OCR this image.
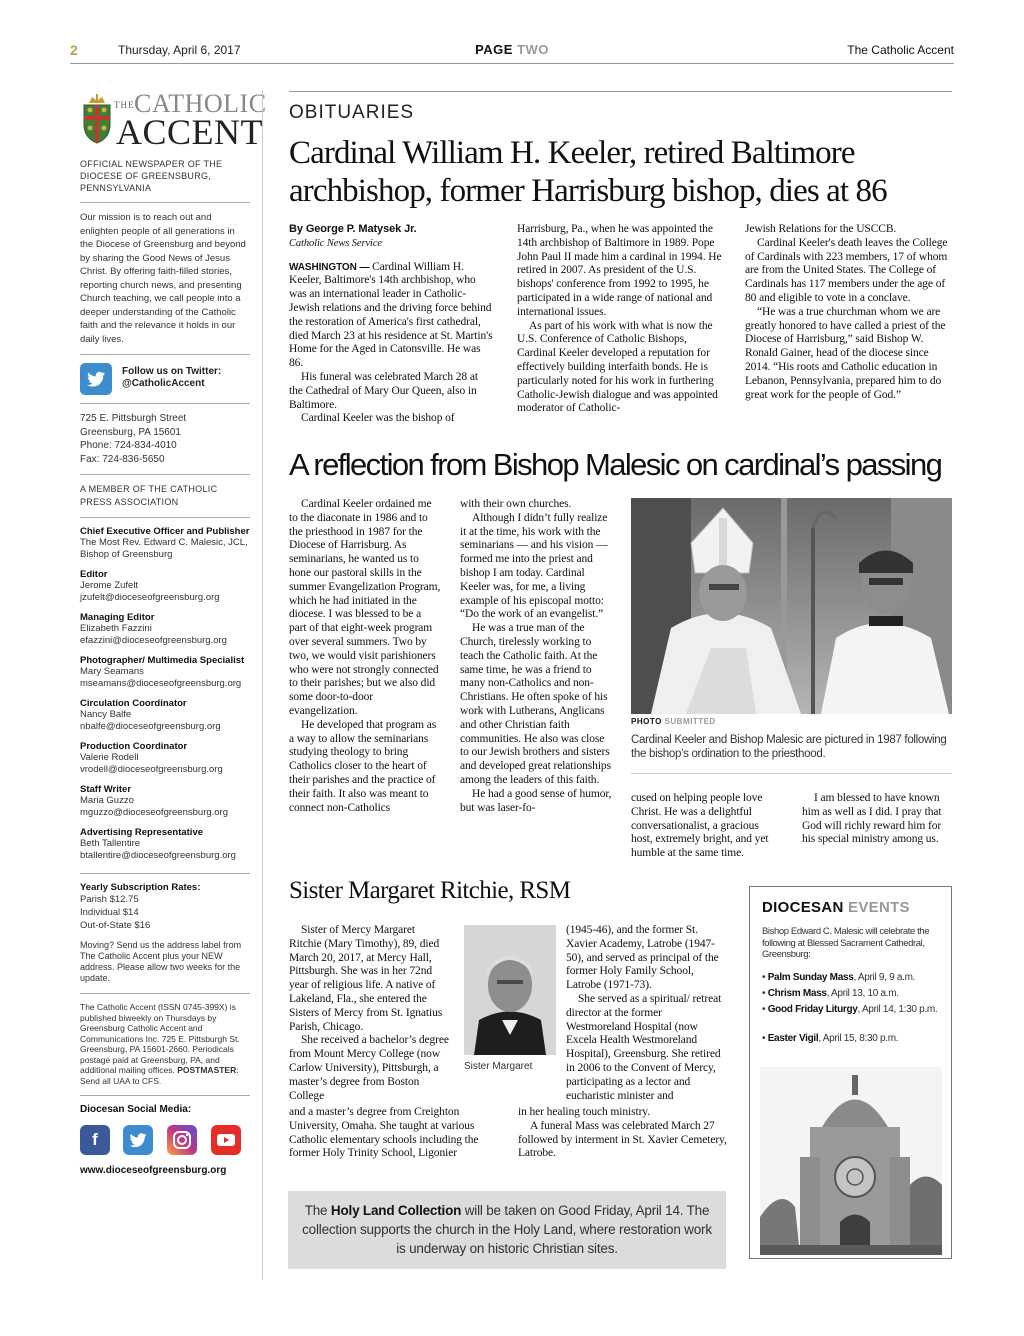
2	Thursday, April 6, 2017	PAGE TWO	The Catholic Accent
THE CATHOLIC
ACCENT
OFFICIAL NEWSPAPER OF THE DIOCESE OF GREENSBURG, PENNSYLVANIA
Our mission is to reach out and enlighten people of all generations in the Diocese of Greensburg and beyond by sharing the Good News of Jesus Christ. By offering faith-filled stories, reporting church news, and presenting Church teaching, we call people into a deeper understanding of the Catholic faith and the relevance it holds in our daily lives.
Follow us on Twitter:
@CatholicAccent
725 E. Pittsburgh Street
Greensburg, PA 15601
Phone: 724-834-4010
Fax: 724-836-5650
A MEMBER OF THE CATHOLIC PRESS ASSOCIATION
Chief Executive Officer and Publisher
The Most Rev. Edward C. Malesic, JCL,
Bishop of Greensburg
Editor
Jerome Zufelt
jzufelt@dioceseofgreensburg.org
Managing Editor
Elizabeth Fazzini
efazzini@dioceseofgreensburg.org
Photographer/ Multimedia Specialist
Mary Seamans
mseamans@dioceseofgreensburg.org
Circulation Coordinator
Nancy Balfe
nbalfe@dioceseofgreensburg.org
Production Coordinator
Valerie Rodell
vrodell@dioceseofgreensburg.org
Staff Writer
Maria Guzzo
mguzzo@dioceseofgreensburg.org
Advertising Representative
Beth Tallentire
btallentire@dioceseofgreensburg.org
Yearly Subscription Rates:
Parish $12.75Individual $14
Out-of-State $16
Moving? Send us the address label from The Catholic Accent plus your NEW address. Please allow two weeks for the update.
The Catholic Accent (ISSN 0745-399X) is published biweekly on Thursdays by Greensburg Catholic Accent and Communications Inc. 725 E. Pittsburgh St. Greensburg, PA 15601-2660. Periodicals postage paid at Greensburg, PA, and additional mailing offices. POSTMASTER: Send all UAA to CFS.
Diocesan Social Media:
f
www.dioceseofgreensburg.org
OBITUARIES
Cardinal William H. Keeler, retired Baltimore archbishop, former Harrisburg bishop, dies at 86
By George P. Matysek Jr.
Catholic News Service

WASHINGTON — Cardinal William H. Keeler, Baltimore's 14th archbishop, who was an international leader in Catholic-Jewish relations and the driving force behind the restoration of America's first cathedral, died March 23 at his residence at St. Martin's Home for the Aged in Catonsville. He was 86.

His funeral was celebrated March 28 at the Cathedral of Mary Our Queen, also in Baltimore.

Cardinal Keeler was the bishop of

Harrisburg, Pa., when he was appointed the 14th archbishop of Baltimore in 1989. Pope John Paul II made him a cardinal in 1994. He retired in 2007. As president of the U.S. bishops' conference from 1992 to 1995, he participated in a wide range of national and international issues.

As part of his work with what is now the U.S. Conference of Catholic Bishops, Cardinal Keeler developed a reputation for effectively building interfaith bonds. He is particularly noted for his work in furthering Catholic-Jewish dialogue and was appointed moderator of Catholic-

Jewish Relations for the USCCB.

Cardinal Keeler's death leaves the College of Cardinals with 223 members, 17 of whom are from the United States. The College of Cardinals has 117 members under the age of 80 and eligible to vote in a conclave.

“He was a true churchman whom we are greatly honored to have called a priest of the Diocese of Harrisburg,” said Bishop W. Ronald Gainer, head of the diocese since 2014. “His roots and Catholic education in Lebanon, Pennsylvania, prepared him to do great work for the people of God.”

A reflection from Bishop Malesic on cardinal’s passing

Cardinal Keeler ordained me to the diaconate in 1986 and to the priesthood in 1987 for the Diocese of Harrisburg. As seminarians, he wanted us to hone our pastoral skills in the summer Evangelization Program, which he had initiated in the diocese. I was blessed to be a part of that eight-week program over several summers. Two by two, we would visit parishioners who were not strongly connected to their parishes; but we also did some door-to-door evangelization.

He developed that program as a way to allow the seminarians studying theology to bring Catholics closer to the heart of their parishes and the practice of their faith. It also was meant to connect non-Catholics

with their own churches.

Although I didn’t fully realize it at the time, his work with the seminarians — and his vision — formed me into the priest and bishop I am today. Cardinal Keeler was, for me, a living example of his episcopal motto: “Do the work of an evangelist.”

He was a true man of the Church, tirelessly working to teach the Catholic faith. At the same time, he was a friend to many non-Catholics and non-Christians. He often spoke of his work with Lutherans, Anglicans and other Christian faith communities. He also was close to our Jewish brothers and sisters and developed great relationships among the leaders of this faith.

He had a good sense of humor, but was laser-fo-

PHOTO SUBMITTED
Cardinal Keeler and Bishop Malesic are pictured in 1987 following the bishop’s ordination to the priesthood.

cused on helping people love Christ. He was a delightful conversationalist, a gracious host, extremely bright, and yet humble at the same time.

I am blessed to have known him as well as I did. I pray that God will richly reward him for his special ministry among us.

Sister Margaret Ritchie, RSM

Sister of Mercy Margaret Ritchie (Mary Timothy), 89, died March 20, 2017, at Mercy Hall, Pittsburgh. She was in her 72nd year of religious life. A native of Lakeland, Fla., she entered the Sisters of Mercy from St. Ignatius Parish, Chicago.

She received a bachelor’s degree from Mount Mercy College (now Carlow University), Pittsburgh, a master’s degree from Boston College

and a master’s degree from Creighton University, Omaha. She taught at various Catholic elementary schools including the former Holy Trinity School, Ligonier

Sister Margaret

(1945-46), and the former St. Xavier Academy, Latrobe (1947-50), and served as principal of the former Holy Family School, Latrobe (1971-73).

She served as a spiritual/ retreat director at the former Westmoreland Hospital (now Excela Health Westmoreland Hospital), Greensburg. She retired in 2006 to the Convent of Mercy, participating as a lector and eucharistic minister and

in her healing touch ministry.

A funeral Mass was celebrated March 27 followed by interment in St. Xavier Cemetery, Latrobe.

DIOCESAN EVENTS
Bishop Edward C. Malesic will celebrate the following at Blessed Sacrament Cathedral, Greensburg:
• Palm Sunday Mass, April 9, 9 a.m.
• Chrism Mass, April 13, 10 a.m.
• Good Friday Liturgy, April 14, 1:30 p.m.
• Easter Vigil, April 15, 8:30 p.m.
The Holy Land Collection will be taken on Good Friday, April 14. The collection supports the church in the Holy Land, where restoration work is underway on historic Christian sites.
